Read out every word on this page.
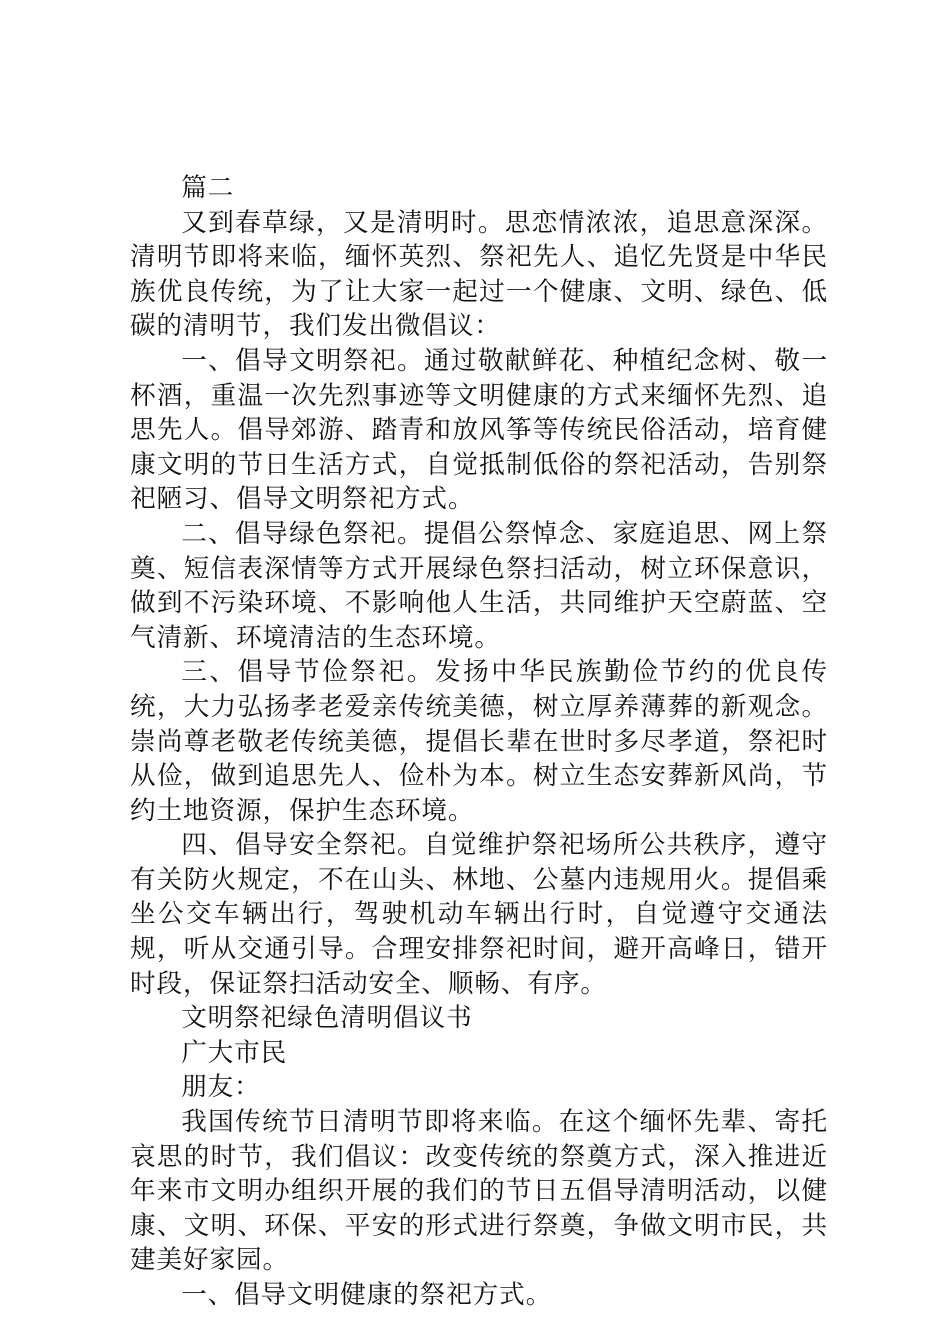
篇二

又到春草绿，又是清明时。思恋情浓浓，追思意深深。清明节即将来临，缅怀英烈、祭祀先人、追忆先贤是中华民族优良传统，为了让大家一起过一个健康、文明、绿色、低碳的清明节，我们发出微倡议：

一、倡导文明祭祀。通过敬献鲜花、种植纪念树、敬一杯酒，重温一次先烈事迹等文明健康的方式来缅怀先烈、追思先人。倡导郊游、踏青和放风筝等传统民俗活动，培育健康文明的节日生活方式，自觉抵制低俗的祭祀活动，告别祭祀陋习、倡导文明祭祀方式。

二、倡导绿色祭祀。提倡公祭悼念、家庭追思、网上祭奠、短信表深情等方式开展绿色祭扫活动，树立环保意识，做到不污染环境、不影响他人生活，共同维护天空蔚蓝、空气清新、环境清洁的生态环境。

三、倡导节俭祭祀。发扬中华民族勤俭节约的优良传统，大力弘扬孝老爱亲传统美德，树立厚养薄葬的新观念。崇尚尊老敬老传统美德，提倡长辈在世时多尽孝道，祭祀时从俭，做到追思先人、俭朴为本。树立生态安葬新风尚，节约土地资源，保护生态环境。

四、倡导安全祭祀。自觉维护祭祀场所公共秩序，遵守有关防火规定，不在山头、林地、公墓内违规用火。提倡乘坐公交车辆出行，驾驶机动车辆出行时，自觉遵守交通法规，听从交通引导。合理安排祭祀时间，避开高峰日，错开时段，保证祭扫活动安全、顺畅、有序。

文明祭祀绿色清明倡议书

广大市民

朋友：

我国传统节日清明节即将来临。在这个缅怀先辈、寄托哀思的时节，我们倡议：改变传统的祭奠方式，深入推进近年来市文明办组织开展的我们的节日五倡导清明活动，以健康、文明、环保、平安的形式进行祭奠，争做文明市民，共建美好家园。

一、倡导文明健康的祭祀方式。
